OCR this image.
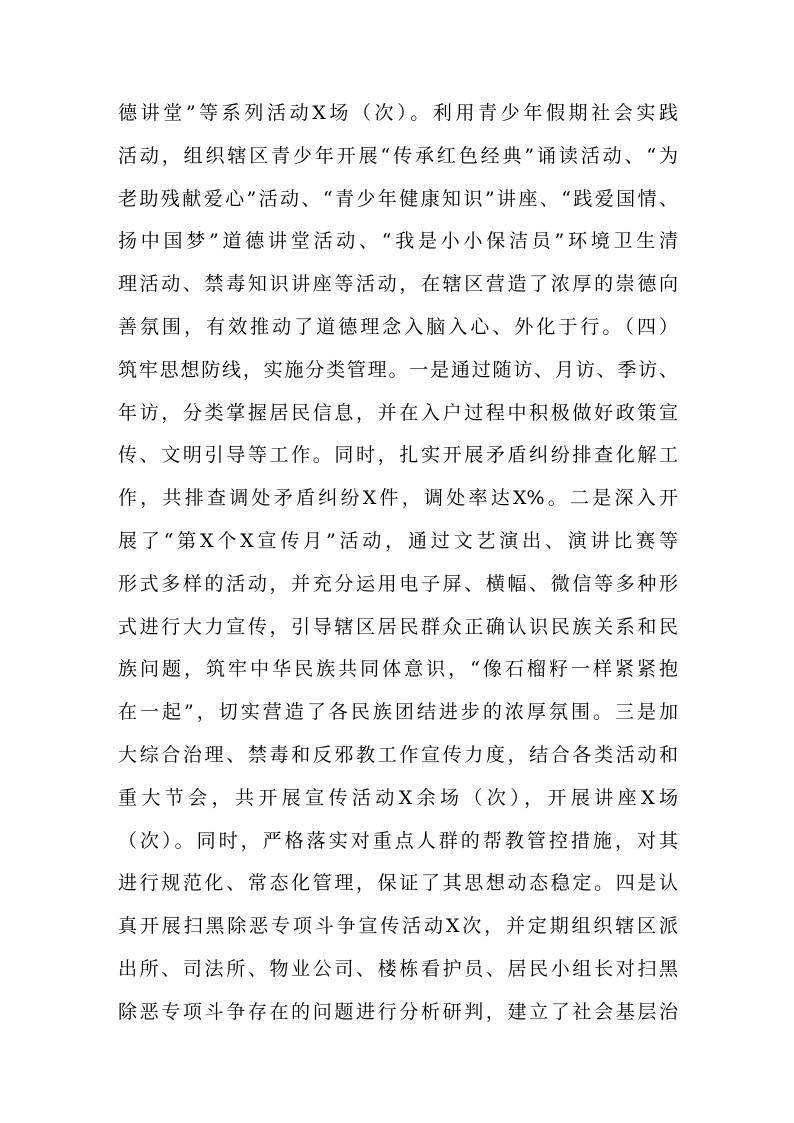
德讲堂”等系列活动X场（次）。利用青少年假期社会实践
活动，组织辖区青少年开展“传承红色经典”诵读活动、“为
老助残献爱心”活动、“青少年健康知识”讲座、“践爱国情、
扬中国梦”道德讲堂活动、“我是小小保洁员”环境卫生清
理活动、禁毒知识讲座等活动，在辖区营造了浓厚的崇德向
善氛围，有效推动了道德理念入脑入心、外化于行。（四）
筑牢思想防线，实施分类管理。一是通过随访、月访、季访、
年访，分类掌握居民信息，并在入户过程中积极做好政策宣
传、文明引导等工作。同时，扎实开展矛盾纠纷排查化解工
作，共排查调处矛盾纠纷X件，调处率达X%。二是深入开
展了“第X个X宣传月”活动，通过文艺演出、演讲比赛等
形式多样的活动，并充分运用电子屏、横幅、微信等多种形
式进行大力宣传，引导辖区居民群众正确认识民族关系和民
族问题，筑牢中华民族共同体意识，“像石榴籽一样紧紧抱
在一起”，切实营造了各民族团结进步的浓厚氛围。三是加
大综合治理、禁毒和反邪教工作宣传力度，结合各类活动和
重大节会，共开展宣传活动X余场（次），开展讲座X场
（次）。同时，严格落实对重点人群的帮教管控措施，对其
进行规范化、常态化管理，保证了其思想动态稳定。四是认
真开展扫黑除恶专项斗争宣传活动X次，并定期组织辖区派
出所、司法所、物业公司、楼栋看护员、居民小组长对扫黑
除恶专项斗争存在的问题进行分析研判，建立了社会基层治
